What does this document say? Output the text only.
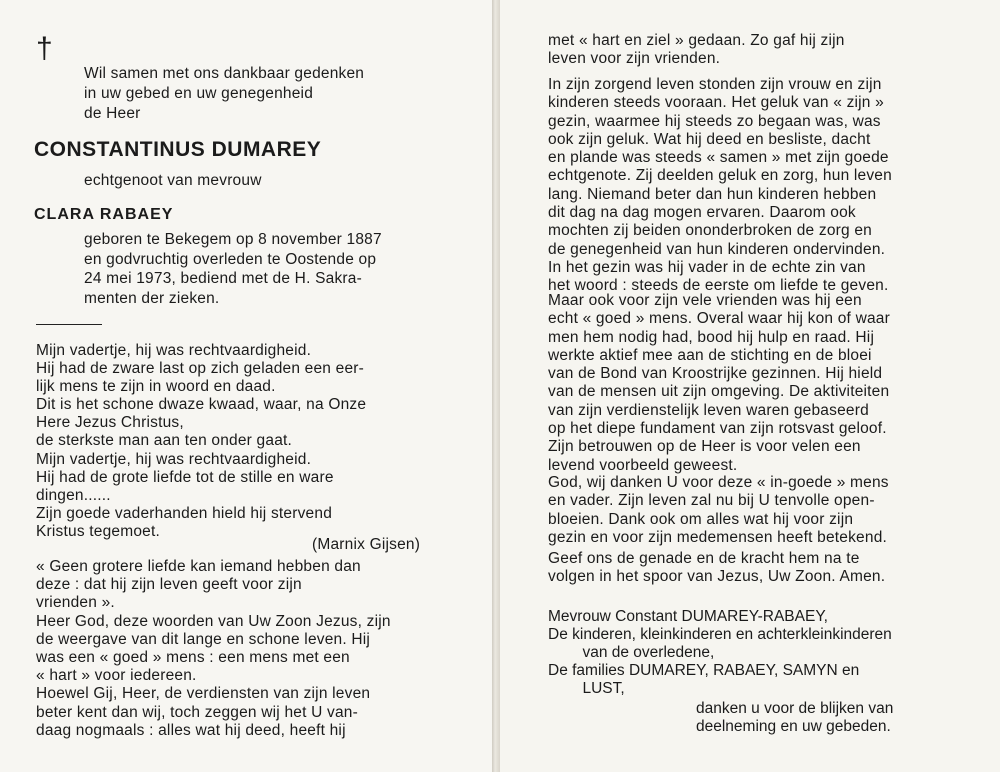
†
Wil samen met ons dankbaar gedenken
in uw gebed en uw genegenheid
de Heer
CONSTANTINUS DUMAREY
echtgenoot van mevrouw
CLARA RABAEY
geboren te Bekegem op 8 november 1887
en godvruchtig overleden te Oostende op
24 mei 1973, bediend met de H. Sakra-
menten der zieken.
Mijn vadertje, hij was rechtvaardigheid.
Hij had de zware last op zich geladen een eer-
lijk mens te zijn in woord en daad.
Dit is het schone dwaze kwaad, waar, na Onze
Here Jezus Christus,
de sterkste man aan ten onder gaat.
Mijn vadertje, hij was rechtvaardigheid.
Hij had de grote liefde tot de stille en ware
dingen......
Zijn goede vaderhanden hield hij stervend
Kristus tegemoet.
(Marnix Gijsen)
« Geen grotere liefde kan iemand hebben dan
deze : dat hij zijn leven geeft voor zijn
vrienden ».
Heer God, deze woorden van Uw Zoon Jezus, zijn
de weergave van dit lange en schone leven. Hij
was een « goed » mens : een mens met een
« hart » voor iedereen.
Hoewel Gij, Heer, de verdiensten van zijn leven
beter kent dan wij, toch zeggen wij het U van-
daag nogmaals : alles wat hij deed, heeft hij
met « hart en ziel » gedaan. Zo gaf hij zijn
leven voor zijn vrienden.
In zijn zorgend leven stonden zijn vrouw en zijn
kinderen steeds vooraan. Het geluk van « zijn »
gezin, waarmee hij steeds zo begaan was, was
ook zijn geluk. Wat hij deed en besliste, dacht
en plande was steeds « samen » met zijn goede
echtgenote. Zij deelden geluk en zorg, hun leven
lang. Niemand beter dan hun kinderen hebben
dit dag na dag mogen ervaren. Daarom ook
mochten zij beiden ononderbroken de zorg en
de genegenheid van hun kinderen ondervinden.
In het gezin was hij vader in de echte zin van
het woord : steeds de eerste om liefde te geven.
Maar ook voor zijn vele vrienden was hij een
echt « goed » mens. Overal waar hij kon of waar
men hem nodig had, bood hij hulp en raad. Hij
werkte aktief mee aan de stichting en de bloei
van de Bond van Kroostrijke gezinnen. Hij hield
van de mensen uit zijn omgeving. De aktiviteiten
van zijn verdienstelijk leven waren gebaseerd
op het diepe fundament van zijn rotsvast geloof.
Zijn betrouwen op de Heer is voor velen een
levend voorbeeld geweest.
God, wij danken U voor deze « in-goede » mens
en vader. Zijn leven zal nu bij U tenvolle open-
bloeien. Dank ook om alles wat hij voor zijn
gezin en voor zijn medemensen heeft betekend.
Geef ons de genade en de kracht hem na te
volgen in het spoor van Jezus, Uw Zoon. Amen.
Mevrouw Constant DUMAREY-RABAEY,
De kinderen, kleinkinderen en achterkleinkinderen
van de overledene,
De families DUMAREY, RABAEY, SAMYN en
LUST,
danken u voor de blijken van
deelneming en uw gebeden.
